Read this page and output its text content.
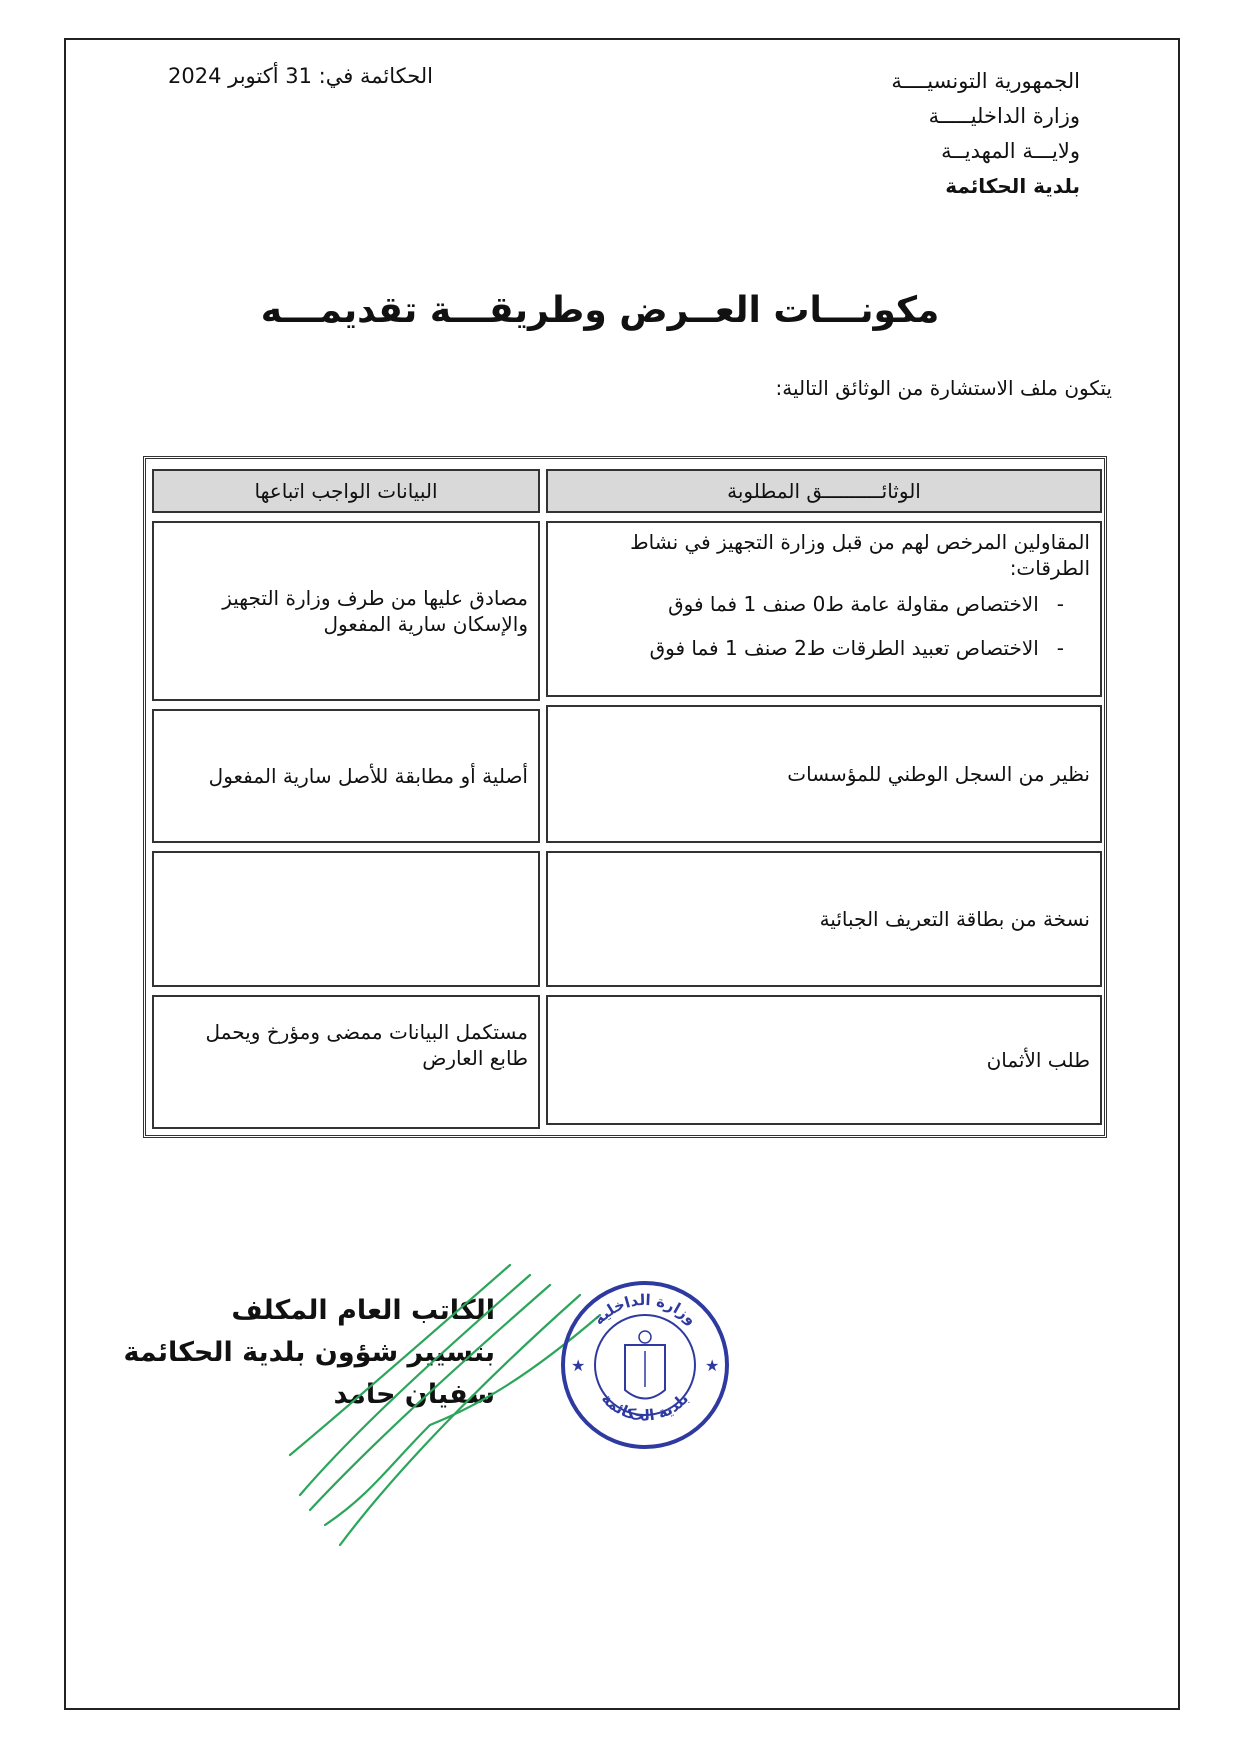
الجمهورية التونسيــــة
وزارة الداخليـــــة
ولايـــة المهديــة
بلدية الحكائمة
الحكائمة في: 31 أكتوبر 2024
مكونـــات العــرض وطريقـــة تقديمـــه
يتكون ملف الاستشارة من الوثائق التالية:
الوثائــــــــــق المطلوبة
البيانات الواجب اتباعها
المقاولين المرخص لهم من قبل وزارة التجهيز في نشاط الطرقات:
- الاختصاص مقاولة عامة ط0 صنف 1 فما فوق
- الاختصاص تعبيد الطرقات ط2 صنف 1 فما فوق
مصادق عليها من طرف وزارة التجهيز والإسكان سارية المفعول
نظير من السجل الوطني للمؤسسات
أصلية أو مطابقة للأصل سارية المفعول
نسخة من بطاقة التعريف الجبائية
طلب الأثمان
مستكمل البيانات ممضى ومؤرخ ويحمل طابع العارض
الكاتب العام المكلف
بتسيير شؤون بلدية الحكائمة
سفيان حامد
وزارة الداخلية
بلدية الحكائمة
★	★
